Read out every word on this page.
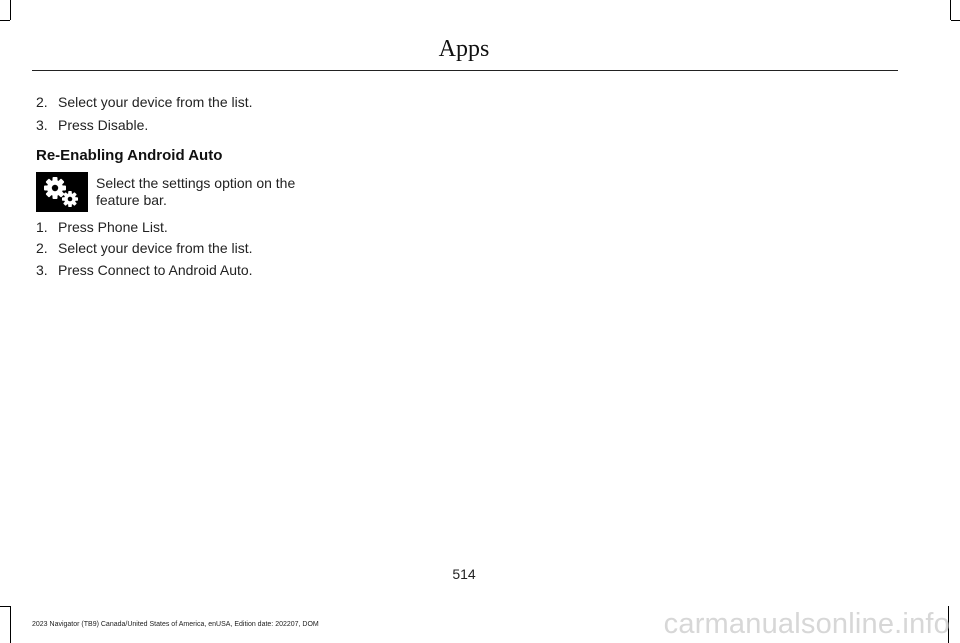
Apps
2. Select your device from the list.
3. Press Disable.
Re-Enabling Android Auto
Select the settings option on the feature bar.
1. Press Phone List.
2. Select your device from the list.
3. Press Connect to Android Auto.
514
2023 Navigator (TB9) Canada/United States of America, enUSA, Edition date: 202207, DOM	carmanualsonline.info
